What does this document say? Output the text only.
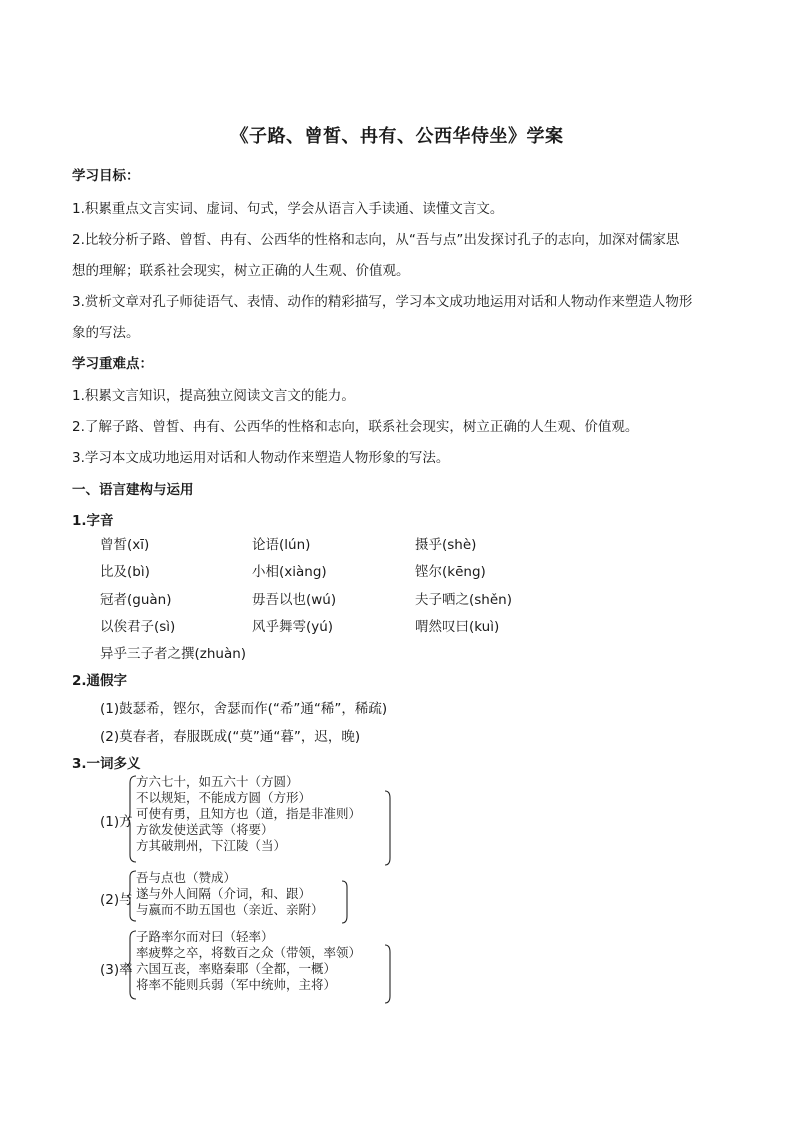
《子路、曾皙、冉有、公西华侍坐》学案
学习目标：
1.积累重点文言实词、虚词、句式，学会从语言入手读通、读懂文言文。
2.比较分析子路、曾皙、冉有、公西华的性格和志向，从“吾与点”出发探讨孔子的志向，加深对儒家思
想的理解；联系社会现实，树立正确的人生观、价值观。
3.赏析文章对孔子师徒语气、表情、动作的精彩描写，学习本文成功地运用对话和人物动作来塑造人物形
象的写法。
学习重难点：
1.积累文言知识，提高独立阅读文言文的能力。
2.了解子路、曾皙、冉有、公西华的性格和志向，联系社会现实，树立正确的人生观、价值观。
3.学习本文成功地运用对话和人物动作来塑造人物形象的写法。
一、语言建构与运用
1.字音
曾皙(xī)	论语(lún)	摄乎(shè)
比及(bì)	小相(xiàng)	铿尔(kēng)
冠者(guàn)	毋吾以也(wú)	夫子哂之(shěn)
以俟君子(sì)	风乎舞雩(yú)	喟然叹曰(kuì)
异乎三子者之撰(zhuàn)
2.通假字
(1)鼓瑟希，铿尔，舍瑟而作(“希”通“稀”，稀疏)
(2)莫春者，春服既成(“莫”通“暮”，迟，晚)
3.一词多义
(1)方
方六七十，如五六十（方圆）
不以规矩，不能成方圆（方形）
可使有勇，且知方也（道，指是非准则）
方欲发使送武等（将要）
方其破荆州，下江陵（当）
(2)与
吾与点也（赞成）
遂与外人间隔（介词，和、跟）
与嬴而不助五国也（亲近、亲附）
(3)率
子路率尔而对曰（轻率）
率疲弊之卒，将数百之众（带领，率领）
六国互丧，率赂秦耶（全都，一概）
将率不能则兵弱（军中统帅，主将）
